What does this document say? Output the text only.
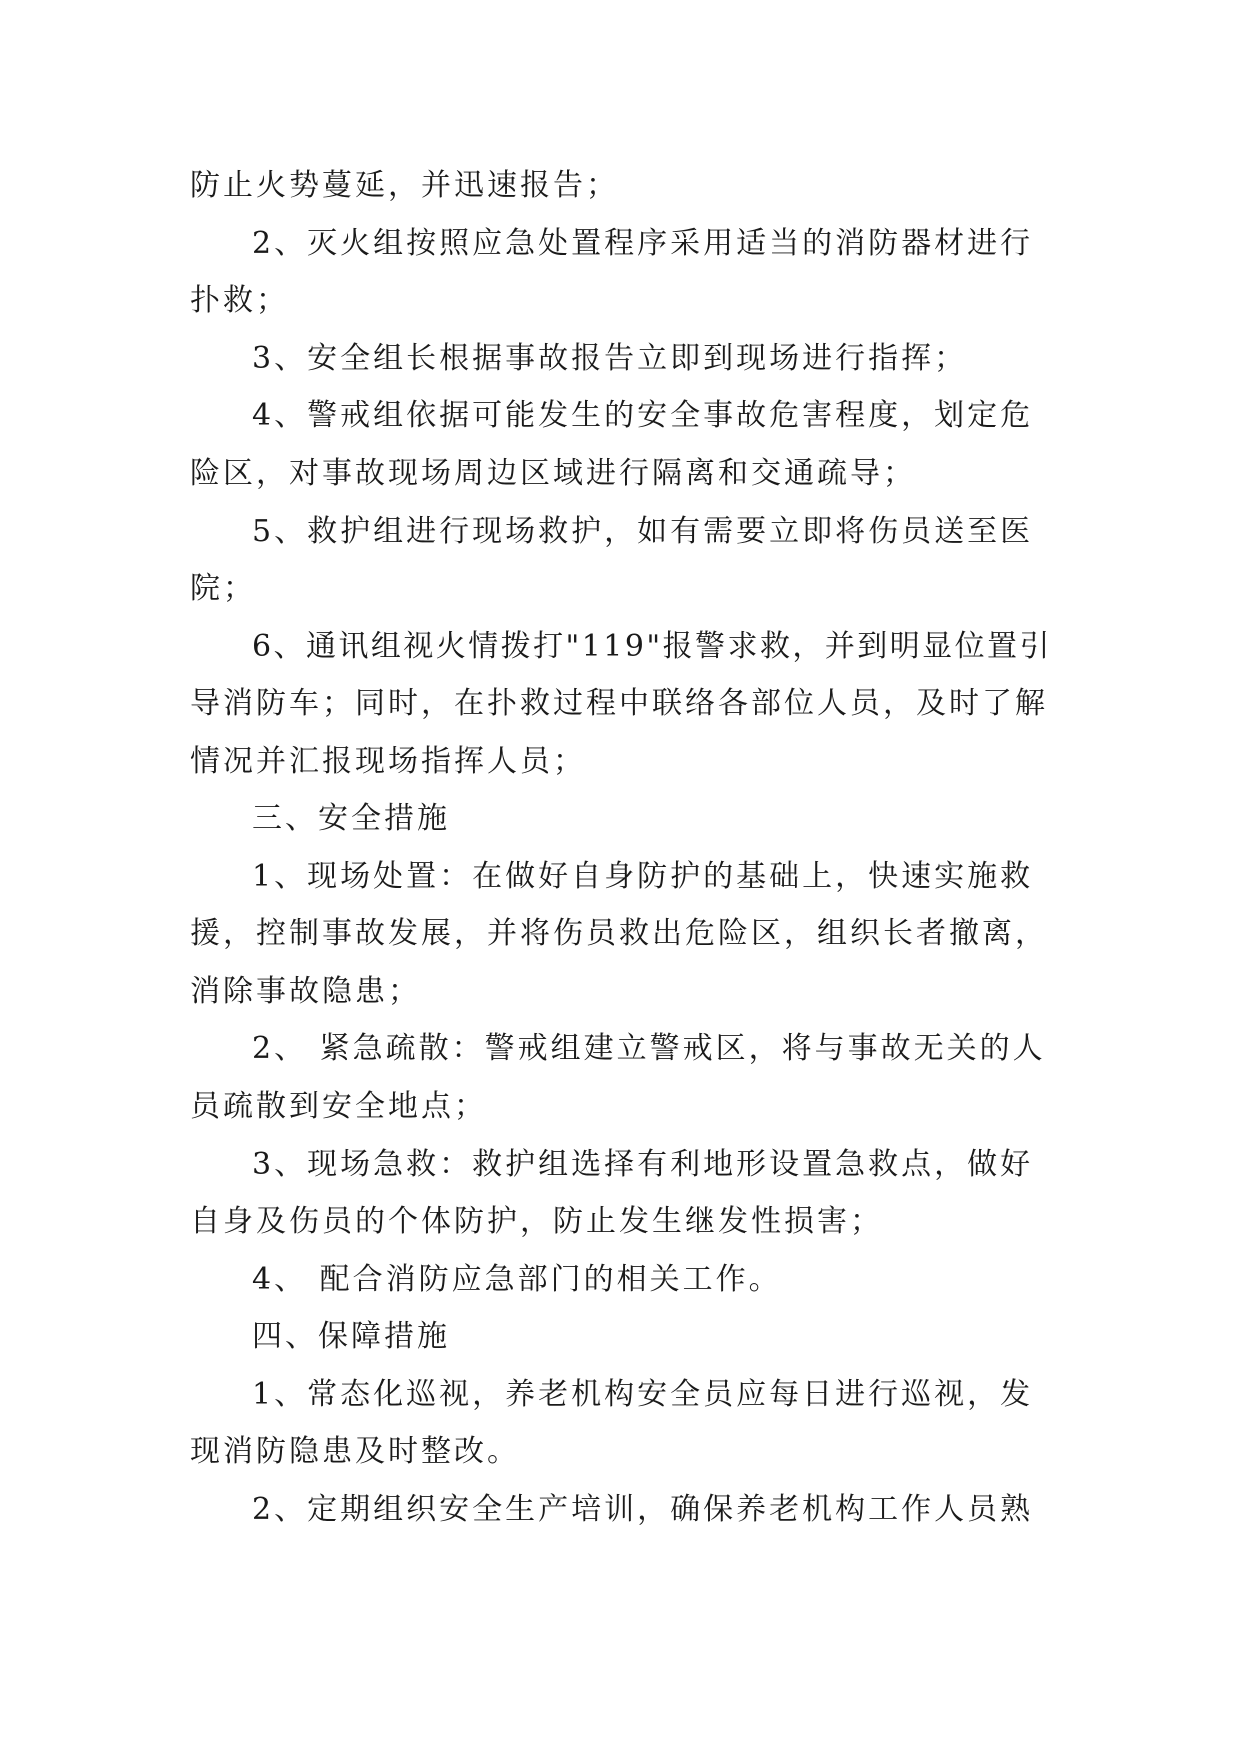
防止火势蔓延，并迅速报告；
2、灭火组按照应急处置程序采用适当的消防器材进行
扑救；
3、安全组长根据事故报告立即到现场进行指挥；
4、警戒组依据可能发生的安全事故危害程度，划定危
险区，对事故现场周边区域进行隔离和交通疏导；
5、救护组进行现场救护，如有需要立即将伤员送至医
院；
6、通讯组视火情拨打"119"报警求救，并到明显位置引
导消防车；同时，在扑救过程中联络各部位人员，及时了解
情况并汇报现场指挥人员；
三、安全措施
1、现场处置：在做好自身防护的基础上，快速实施救
援，控制事故发展，并将伤员救出危险区，组织长者撤离，
消除事故隐患；
2、 紧急疏散：警戒组建立警戒区，将与事故无关的人
员疏散到安全地点；
3、现场急救：救护组选择有利地形设置急救点，做好
自身及伤员的个体防护，防止发生继发性损害；
4、 配合消防应急部门的相关工作。
四、保障措施
1、常态化巡视，养老机构安全员应每日进行巡视，发
现消防隐患及时整改。
2、定期组织安全生产培训，确保养老机构工作人员熟
